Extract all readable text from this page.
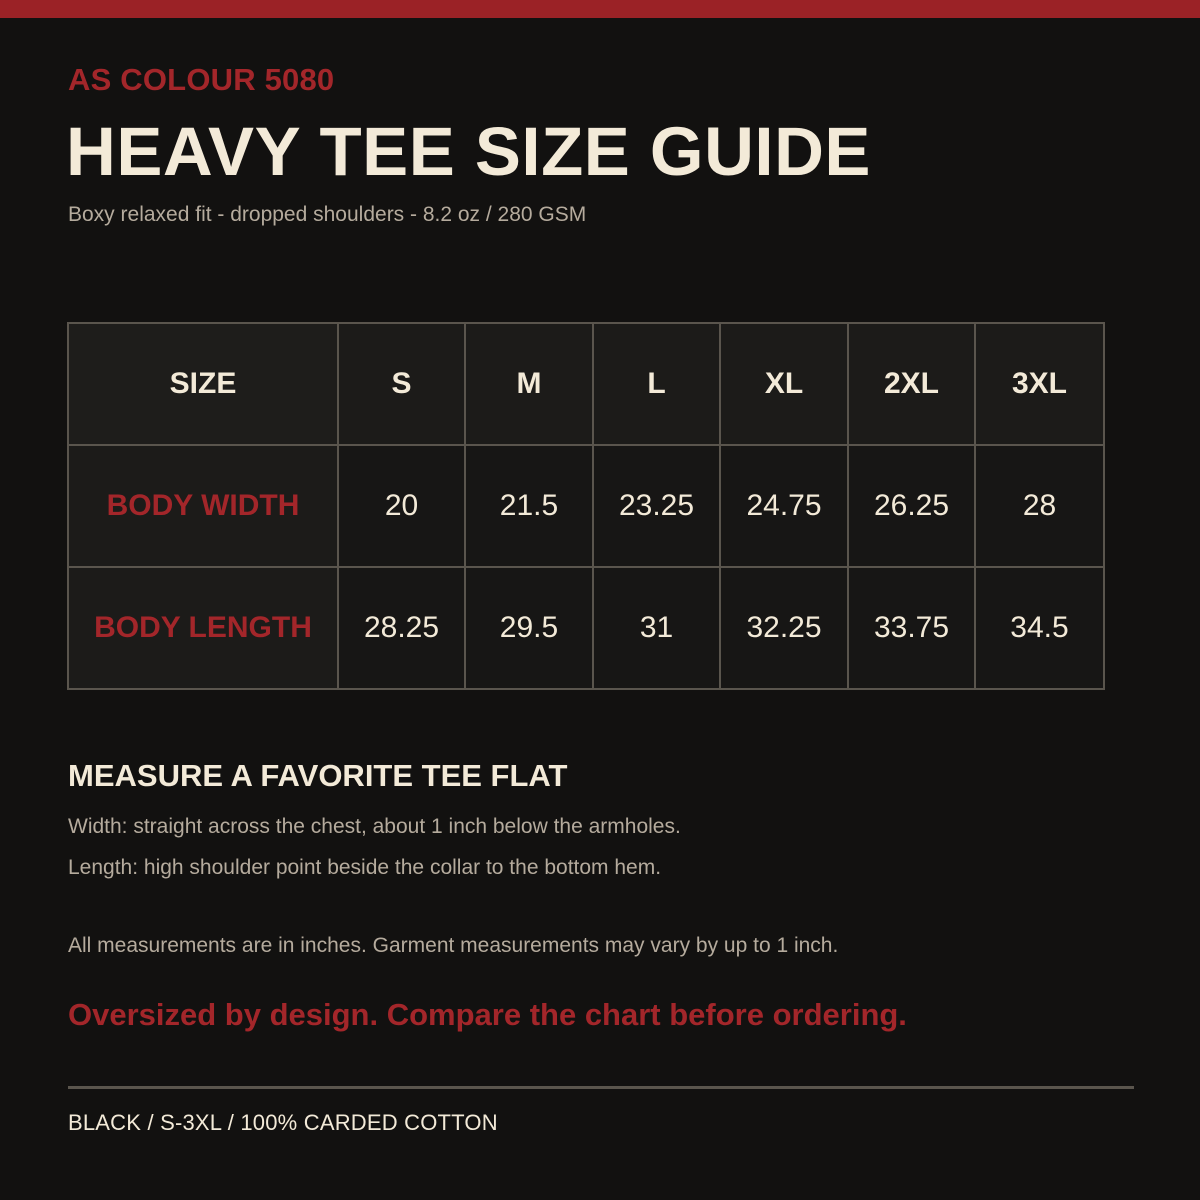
AS COLOUR 5080
HEAVY TEE SIZE GUIDE
Boxy relaxed fit - dropped shoulders - 8.2 oz / 280 GSM
SIZE	S	M	L	XL	2XL	3XL
BODY WIDTH	20	21.5	23.25	24.75	26.25	28
BODY LENGTH	28.25	29.5	31	32.25	33.75	34.5
MEASURE A FAVORITE TEE FLAT
Width: straight across the chest, about 1 inch below the armholes.
Length: high shoulder point beside the collar to the bottom hem.
All measurements are in inches. Garment measurements may vary by up to 1 inch.
Oversized by design. Compare the chart before ordering.
BLACK / S-3XL / 100% CARDED COTTON
